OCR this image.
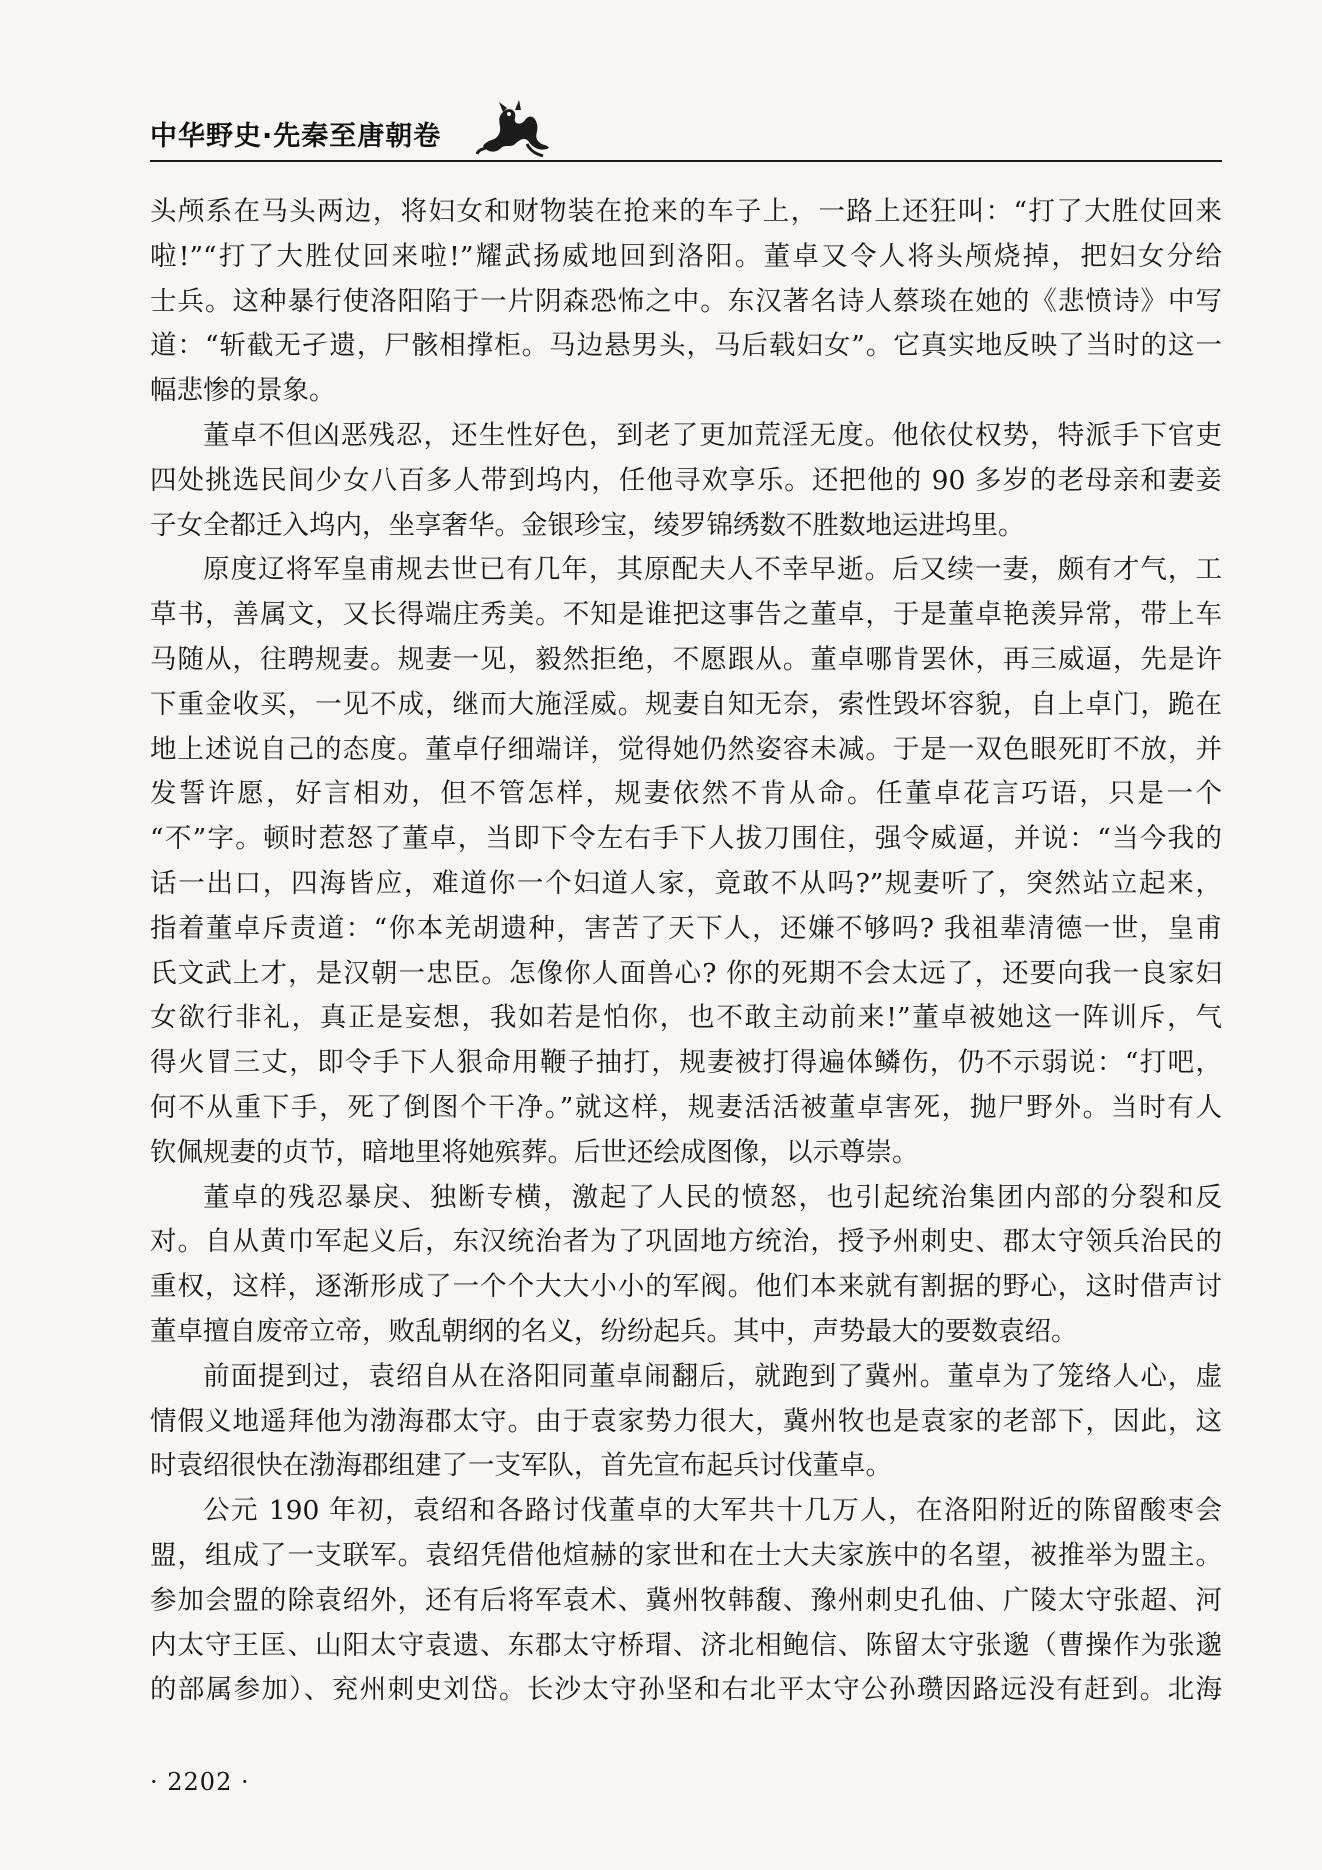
中华野史·先秦至唐朝卷
头颅系在马头两边，将妇女和财物装在抢来的车子上，一路上还狂叫：“打了大胜仗回来
啦!”“打了大胜仗回来啦!”耀武扬威地回到洛阳。董卓又令人将头颅烧掉，把妇女分给
士兵。这种暴行使洛阳陷于一片阴森恐怖之中。东汉著名诗人蔡琰在她的《悲愤诗》中写
道：“斩截无孑遗，尸骸相撑柜。马边悬男头，马后载妇女”。它真实地反映了当时的这一
幅悲惨的景象。
董卓不但凶恶残忍，还生性好色，到老了更加荒淫无度。他依仗权势，特派手下官吏
四处挑选民间少女八百多人带到坞内，任他寻欢享乐。还把他的 90 多岁的老母亲和妻妾
子女全都迁入坞内，坐享奢华。金银珍宝，绫罗锦绣数不胜数地运进坞里。
原度辽将军皇甫规去世已有几年，其原配夫人不幸早逝。后又续一妻，颇有才气，工
草书，善属文，又长得端庄秀美。不知是谁把这事告之董卓，于是董卓艳羡异常，带上车
马随从，往聘规妻。规妻一见，毅然拒绝，不愿跟从。董卓哪肯罢休，再三威逼，先是许
下重金收买，一见不成，继而大施淫威。规妻自知无奈，索性毁坏容貌，自上卓门，跪在
地上述说自己的态度。董卓仔细端详，觉得她仍然姿容未减。于是一双色眼死盯不放，并
发誓许愿，好言相劝，但不管怎样，规妻依然不肯从命。任董卓花言巧语，只是一个
“不”字。顿时惹怒了董卓，当即下令左右手下人拔刀围住，强令威逼，并说：“当今我的
话一出口，四海皆应，难道你一个妇道人家，竟敢不从吗?”规妻听了，突然站立起来，
指着董卓斥责道：“你本羌胡遗种，害苦了天下人，还嫌不够吗? 我祖辈清德一世，皇甫
氏文武上才，是汉朝一忠臣。怎像你人面兽心? 你的死期不会太远了，还要向我一良家妇
女欲行非礼，真正是妄想，我如若是怕你，也不敢主动前来!”董卓被她这一阵训斥，气
得火冒三丈，即令手下人狠命用鞭子抽打，规妻被打得遍体鳞伤，仍不示弱说：“打吧，
何不从重下手，死了倒图个干净。”就这样，规妻活活被董卓害死，抛尸野外。当时有人
钦佩规妻的贞节，暗地里将她殡葬。后世还绘成图像，以示尊崇。
董卓的残忍暴戾、独断专横，激起了人民的愤怒，也引起统治集团内部的分裂和反
对。自从黄巾军起义后，东汉统治者为了巩固地方统治，授予州刺史、郡太守领兵治民的
重权，这样，逐渐形成了一个个大大小小的军阀。他们本来就有割据的野心，这时借声讨
董卓擅自废帝立帝，败乱朝纲的名义，纷纷起兵。其中，声势最大的要数袁绍。
前面提到过，袁绍自从在洛阳同董卓闹翻后，就跑到了冀州。董卓为了笼络人心，虚
情假义地遥拜他为渤海郡太守。由于袁家势力很大，冀州牧也是袁家的老部下，因此，这
时袁绍很快在渤海郡组建了一支军队，首先宣布起兵讨伐董卓。
公元 190 年初，袁绍和各路讨伐董卓的大军共十几万人，在洛阳附近的陈留酸枣会
盟，组成了一支联军。袁绍凭借他煊赫的家世和在士大夫家族中的名望，被推举为盟主。
参加会盟的除袁绍外，还有后将军袁术、冀州牧韩馥、豫州刺史孔伷、广陵太守张超、河
内太守王匡、山阳太守袁遗、东郡太守桥瑁、济北相鲍信、陈留太守张邈（曹操作为张邈
的部属参加）、兖州刺史刘岱。长沙太守孙坚和右北平太守公孙瓒因路远没有赶到。北海
· 2202 ·
